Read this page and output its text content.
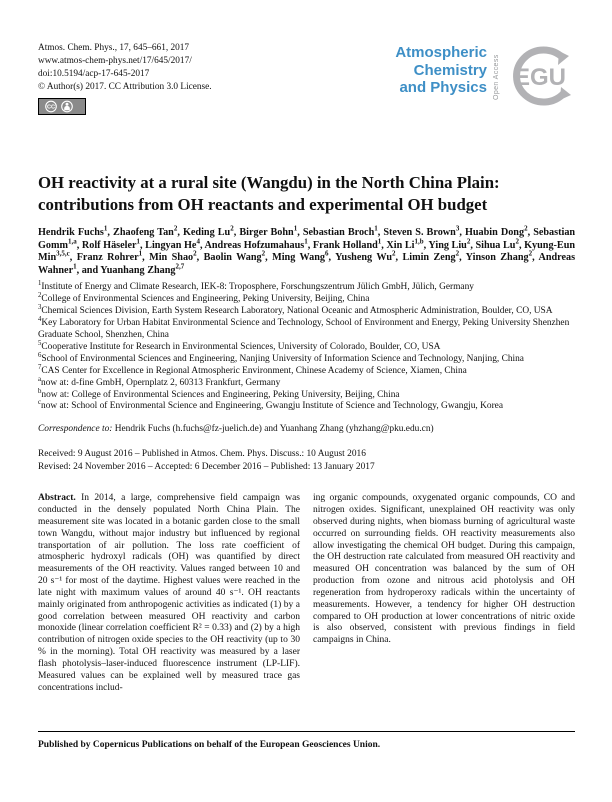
Atmos. Chem. Phys., 17, 645–661, 2017
www.atmos-chem-phys.net/17/645/2017/
doi:10.5194/acp-17-645-2017
© Author(s) 2017. CC Attribution 3.0 License.
CC
Atmospheric
Chemistry
and Physics Open Access EGU
OH reactivity at a rural site (Wangdu) in the North China Plain: contributions from OH reactants and experimental OH budget
Hendrik Fuchs$^1$, Zhaofeng Tan$^2$, Keding Lu$^2$, Birger Bohn$^1$, Sebastian Broch$^1$, Steven S. Brown$^3$, Huabin Dong$^2$, Sebastian Gomm$^{1,a}$, Rolf Häseler$^1$, Lingyan He$^4$, Andreas Hofzumahaus$^1$, Frank Holland$^1$, Xin Li$^{1,b}$, Ying Liu$^2$, Sihua Lu$^2$, Kyung-Eun Min$^{3,5,c}$, Franz Rohrer$^1$, Min Shao$^2$, Baolin Wang$^2$, Ming Wang$^6$, Yusheng Wu$^2$, Limin Zeng$^2$, Yinson Zhang$^2$, Andreas Wahner$^1$, and Yuanhang Zhang$^{2,7}$
$^1$Institute of Energy and Climate Research, IEK-8: Troposphere, Forschungszentrum Jülich GmbH, Jülich, Germany
$^2$College of Environmental Sciences and Engineering, Peking University, Beijing, China
$^3$Chemical Sciences Division, Earth System Research Laboratory, National Oceanic and Atmospheric Administration, Boulder, CO, USA
$^4$Key Laboratory for Urban Habitat Environmental Science and Technology, School of Environment and Energy, Peking University Shenzhen Graduate School, Shenzhen, China
$^5$Cooperative Institute for Research in Environmental Sciences, University of Colorado, Boulder, CO, USA
$^6$School of Environmental Sciences and Engineering, Nanjing University of Information Science and Technology, Nanjing, China
$^7$CAS Center for Excellence in Regional Atmospheric Environment, Chinese Academy of Science, Xiamen, China
$^a$now at: d-fine GmbH, Opernplatz 2, 60313 Frankfurt, Germany
$^b$now at: College of Environmental Sciences and Engineering, Peking University, Beijing, China
$^c$now at: School of Environmental Science and Engineering, Gwangju Institute of Science and Technology, Gwangju, Korea
Correspondence to: Hendrik Fuchs (h.fuchs@fz-juelich.de) and Yuanhang Zhang (yhzhang@pku.edu.cn)
Received: 9 August 2016 – Published in Atmos. Chem. Phys. Discuss.: 10 August 2016
Revised: 24 November 2016 – Accepted: 6 December 2016 – Published: 13 January 2017

Abstract. In 2014, a large, comprehensive field campaign was conducted in the densely populated North China Plain. The measurement site was located in a botanic garden close to the small town Wangdu, without major industry but influenced by regional transportation of air pollution. The loss rate coefficient of atmospheric hydroxyl radicals (OH) was quantified by direct measurements of the OH reactivity. Values ranged between 10 and 20 s⁻¹ for most of the daytime. Highest values were reached in the late night with maximum values of around 40 s⁻¹. OH reactants mainly originated from anthropogenic activities as indicated (1) by a good correlation between measured OH reactivity and carbon monoxide (linear correlation coefficient R² = 0.33) and (2) by a high contribution of nitrogen oxide species to the OH reactivity (up to 30 % in the morning). Total OH reactivity was measured by a laser flash photolysis–laser-induced fluorescence instrument (LP-LIF). Measured values can be explained well by measured trace gas concentrations includ-

ing organic compounds, oxygenated organic compounds, CO and nitrogen oxides. Significant, unexplained OH reactivity was only observed during nights, when biomass burning of agricultural waste occurred on surrounding fields. OH reactivity measurements also allow investigating the chemical OH budget. During this campaign, the OH destruction rate calculated from measured OH reactivity and measured OH concentration was balanced by the sum of OH production from ozone and nitrous acid photolysis and OH regeneration from hydroperoxy radicals within the uncertainty of measurements. However, a tendency for higher OH destruction compared to OH production at lower concentrations of nitric oxide is also observed, consistent with previous findings in field campaigns in China.

Published by Copernicus Publications on behalf of the European Geosciences Union.
